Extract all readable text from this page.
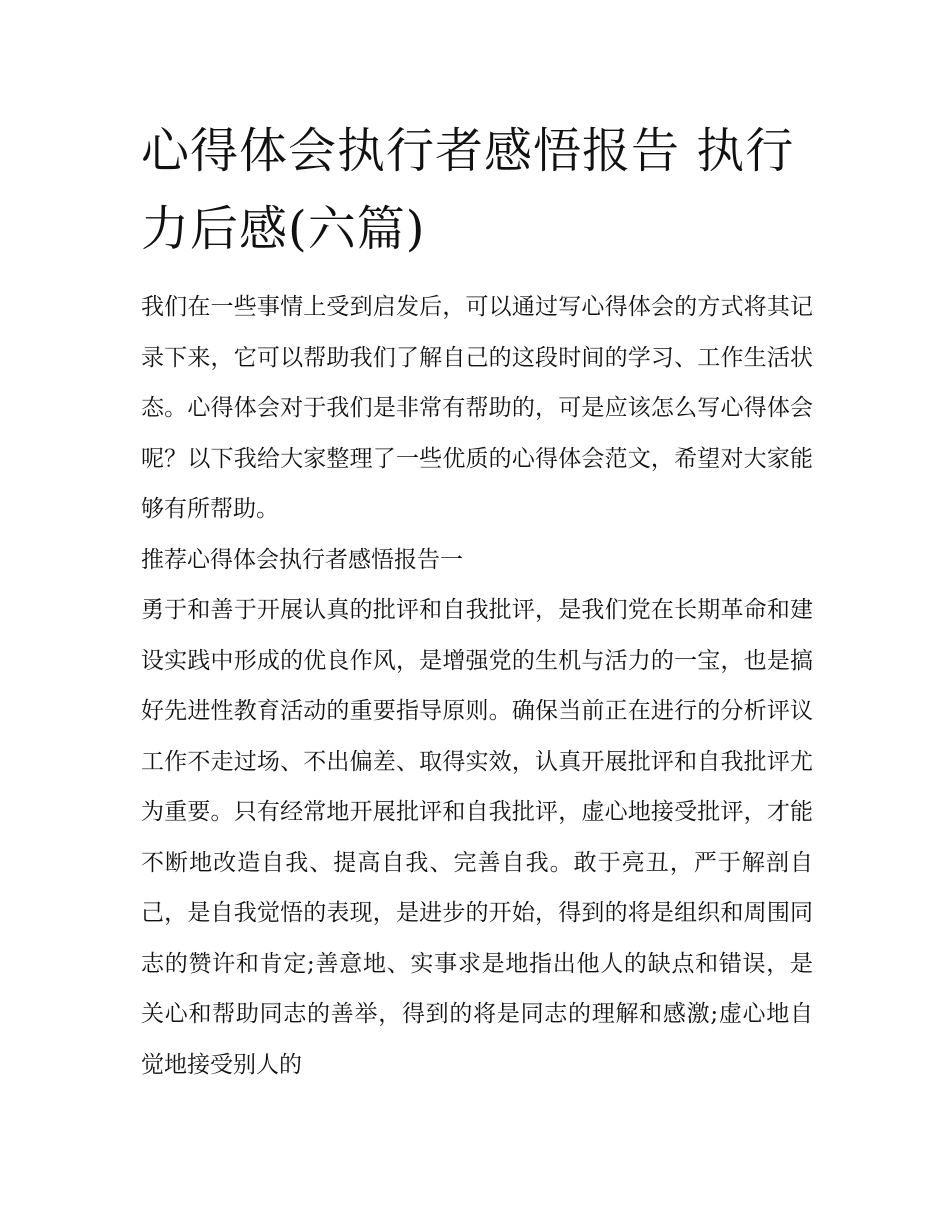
心得体会执行者感悟报告 执行力后感(六篇)

我们在一些事情上受到启发后，可以通过写心得体会的方式将其记录下来，它可以帮助我们了解自己的这段时间的学习、工作生活状态。心得体会对于我们是非常有帮助的，可是应该怎么写心得体会呢？以下我给大家整理了一些优质的心得体会范文，希望对大家能够有所帮助。

推荐心得体会执行者感悟报告一

勇于和善于开展认真的批评和自我批评，是我们党在长期革命和建设实践中形成的优良作风，是增强党的生机与活力的一宝，也是搞好先进性教育活动的重要指导原则。确保当前正在进行的分析评议工作不走过场、不出偏差、取得实效，认真开展批评和自我批评尤为重要。只有经常地开展批评和自我批评，虚心地接受批评，才能不断地改造自我、提高自我、完善自我。敢于亮丑，严于解剖自己，是自我觉悟的表现，是进步的开始，得到的将是组织和周围同志的赞许和肯定;善意地、实事求是地指出他人的缺点和错误，是关心和帮助同志的善举，得到的将是同志的理解和感激;虚心地自觉地接受别人的
